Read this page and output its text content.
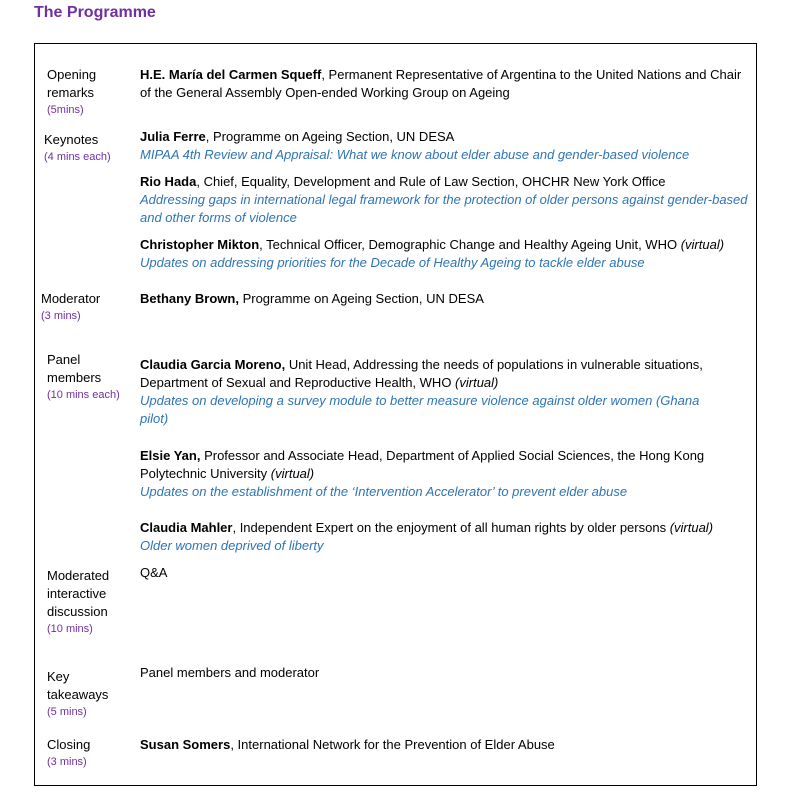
The Programme
Opening
remarks
(5mins)
Keynotes
(4 mins each)
Moderator
(3 mins)
Panel
members
(10 mins each)
Moderated
interactive
discussion
(10 mins)
Key
takeaways
(5 mins)
Closing
(3 mins)
H.E. María del Carmen Squeff, Permanent Representative of Argentina to the United Nations and Chair of the General Assembly Open-ended Working Group on Ageing
Julia Ferre, Programme on Ageing Section, UN DESA
MIPAA 4th Review and Appraisal: What we know about elder abuse and gender-based violence
Rio Hada, Chief, Equality, Development and Rule of Law Section, OHCHR New York Office
Addressing gaps in international legal framework for the protection of older persons against gender-based and other forms of violence
Christopher Mikton, Technical Officer, Demographic Change and Healthy Ageing Unit, WHO (virtual)
Updates on addressing priorities for the Decade of Healthy Ageing to tackle elder abuse
Bethany Brown, Programme on Ageing Section, UN DESA
Claudia Garcia Moreno, Unit Head, Addressing the needs of populations in vulnerable situations, Department of Sexual and Reproductive Health, WHO (virtual)
Updates on developing a survey module to better measure violence against older women (Ghana pilot)
Elsie Yan, Professor and Associate Head, Department of Applied Social Sciences, the Hong Kong Polytechnic University (virtual)
Updates on the establishment of the ‘Intervention Accelerator’ to prevent elder abuse
Claudia Mahler, Independent Expert on the enjoyment of all human rights by older persons (virtual)
Older women deprived of liberty
Q&A
Panel members and moderator
Susan Somers, International Network for the Prevention of Elder Abuse
